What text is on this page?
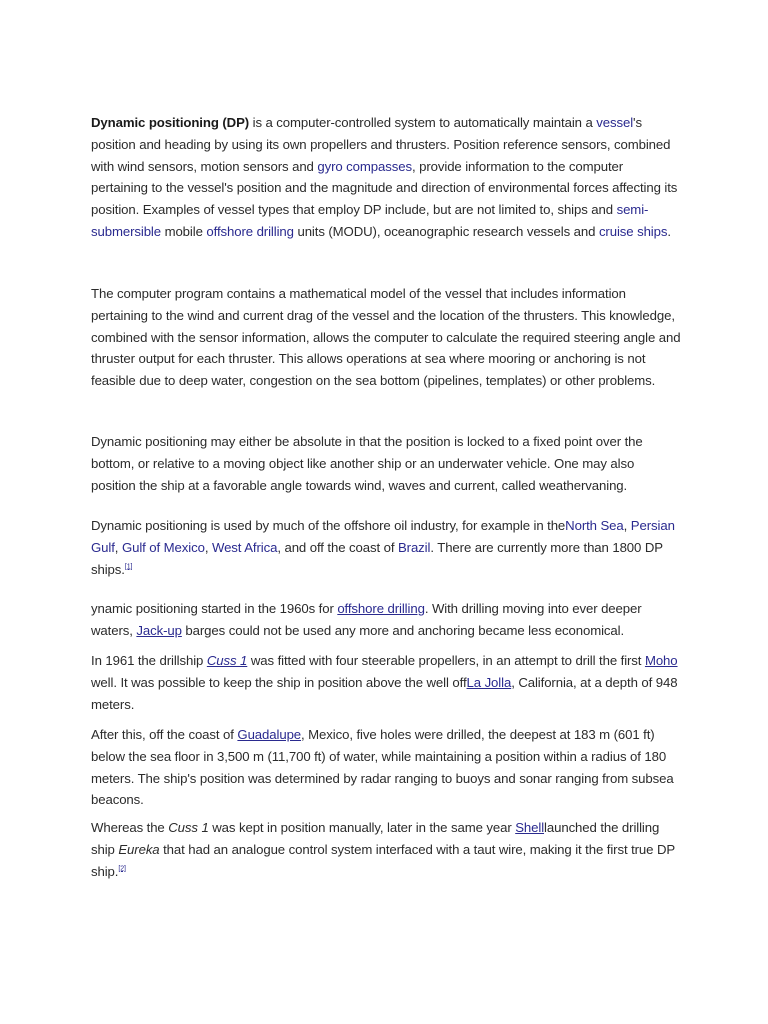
Dynamic positioning (DP) is a computer-controlled system to automatically maintain a vessel's position and heading by using its own propellers and thrusters. Position reference sensors, combined with wind sensors, motion sensors and gyro compasses, provide information to the computer pertaining to the vessel's position and the magnitude and direction of environmental forces affecting its position. Examples of vessel types that employ DP include, but are not limited to, ships and semi-submersible mobile offshore drilling units (MODU), oceanographic research vessels and cruise ships.

The computer program contains a mathematical model of the vessel that includes information pertaining to the wind and current drag of the vessel and the location of the thrusters. This knowledge, combined with the sensor information, allows the computer to calculate the required steering angle and thruster output for each thruster. This allows operations at sea where mooring or anchoring is not feasible due to deep water, congestion on the sea bottom (pipelines, templates) or other problems.

Dynamic positioning may either be absolute in that the position is locked to a fixed point over the bottom, or relative to a moving object like another ship or an underwater vehicle. One may also position the ship at a favorable angle towards wind, waves and current, called weathervaning.

Dynamic positioning is used by much of the offshore oil industry, for example in theNorth Sea, Persian Gulf, Gulf of Mexico, West Africa, and off the coast of Brazil. There are currently more than 1800 DP ships.[1]

ynamic positioning started in the 1960s for offshore drilling. With drilling moving into ever deeper waters, Jack-up barges could not be used any more and anchoring became less economical.

In 1961 the drillship Cuss 1 was fitted with four steerable propellers, in an attempt to drill the first Moho well. It was possible to keep the ship in position above the well offLa Jolla, California, at a depth of 948 meters.

After this, off the coast of Guadalupe, Mexico, five holes were drilled, the deepest at 183 m (601 ft) below the sea floor in 3,500 m (11,700 ft) of water, while maintaining a position within a radius of 180 meters. The ship's position was determined by radar ranging to buoys and sonar ranging from subsea beacons.

Whereas the Cuss 1 was kept in position manually, later in the same year Shelllaunched the drilling ship Eureka that had an analogue control system interfaced with a taut wire, making it the first true DP ship.[2]
